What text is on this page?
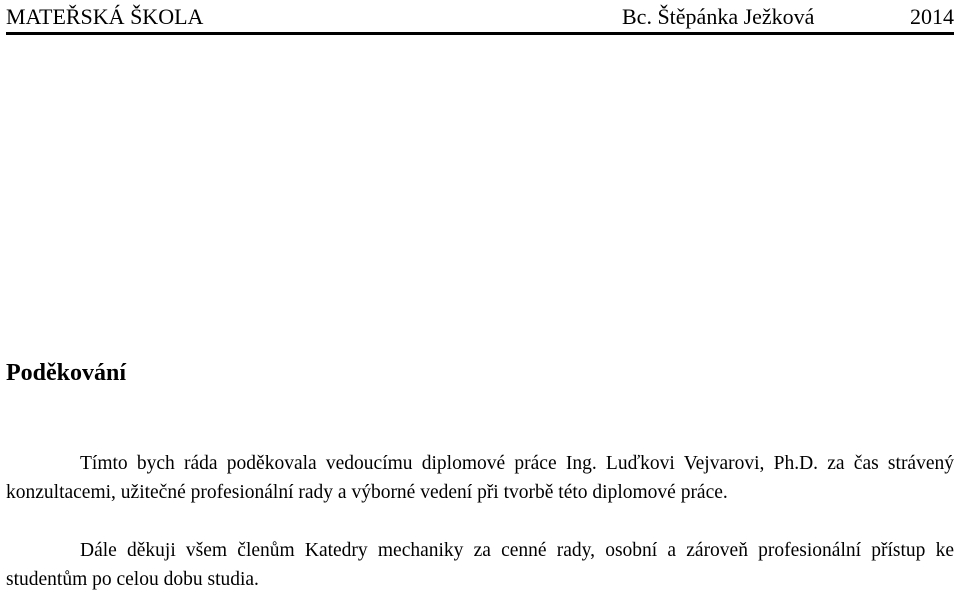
MATEŘSKÁ ŠKOLA	Bc. Štěpánka Ježková	2014
Poděkování

Tímto bych ráda poděkovala vedoucímu diplomové práce Ing. Luďkovi Vejvarovi, Ph.D. za čas strávený konzultacemi, užitečné profesionální rady a výborné vedení při tvorbě této diplomové práce.

Dále děkuji všem členům Katedry mechaniky za cenné rady, osobní a zároveň profesionální přístup ke studentům po celou dobu studia.
